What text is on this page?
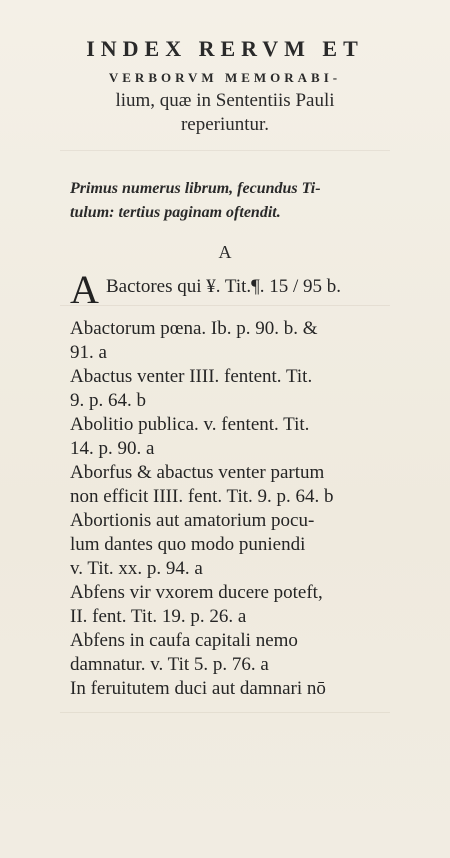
INDEX RERVM ET
VERBORVM MEMORABI-
lium, quæ in Sententiis Pauli
reperiuntur.
Primus numerus librum, fecundus Ti-
tulum: tertius paginam oftendit.
A
A Bactores qui ¥. Tit.¶. 15 / 95 b.
Abactorum pœna. Ib. p. 90. b. &
91. a
Abactus venter IIII. fentent. Tit.
9. p. 64. b
Abolitio publica. v. fentent. Tit.
14. p. 90. a
Aborfus & abactus venter partum
non efficit IIII. fent. Tit. 9. p. 64. b
Abortionis aut amatorium pocu-
lum dantes quo modo puniendi
v. Tit. xx. p. 94. a
Abfens vir vxorem ducere poteft,
II. fent. Tit. 19. p. 26. a
Abfens in caufa capitali nemo
damnatur. v. Tit 5. p. 76. a
In feruitutem duci aut damnari nō
